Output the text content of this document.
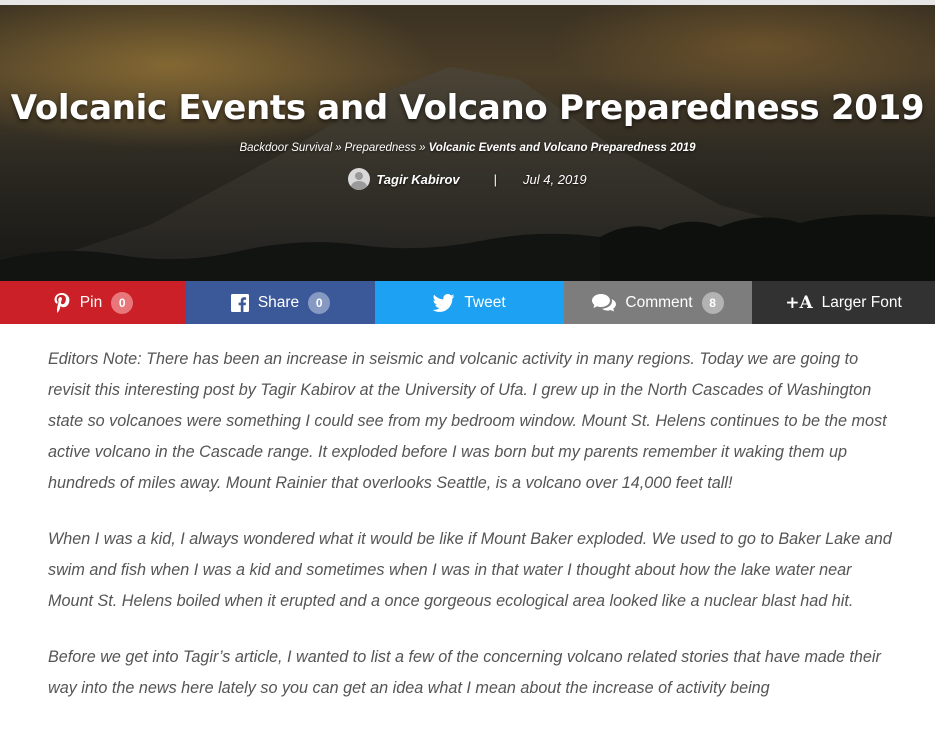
Volcanic Events and Volcano Preparedness 2019
Backdoor Survival » Preparedness » Volcanic Events and Volcano Preparedness 2019
Tagir Kabirov	| Jul 4, 2019
Pin	0	Share	0	Tweet	Comment	8	+A Larger Font

Editors Note: There has been an increase in seismic and volcanic activity in many regions. Today we are going to revisit this interesting post by Tagir Kabirov at the University of Ufa. I grew up in the North Cascades of Washington state so volcanoes were something I could see from my bedroom window. Mount St. Helens continues to be the most active volcano in the Cascade range. It exploded before I was born but my parents remember it waking them up hundreds of miles away. Mount Rainier that overlooks Seattle, is a volcano over 14,000 feet tall!

When I was a kid, I always wondered what it would be like if Mount Baker exploded. We used to go to Baker Lake and swim and fish when I was a kid and sometimes when I was in that water I thought about how the lake water near Mount St. Helens boiled when it erupted and a once gorgeous ecological area looked like a nuclear blast had hit.

Before we get into Tagir’s article, I wanted to list a few of the concerning volcano related stories that have made their way into the news here lately so you can get an idea what I mean about the increase of activity being
